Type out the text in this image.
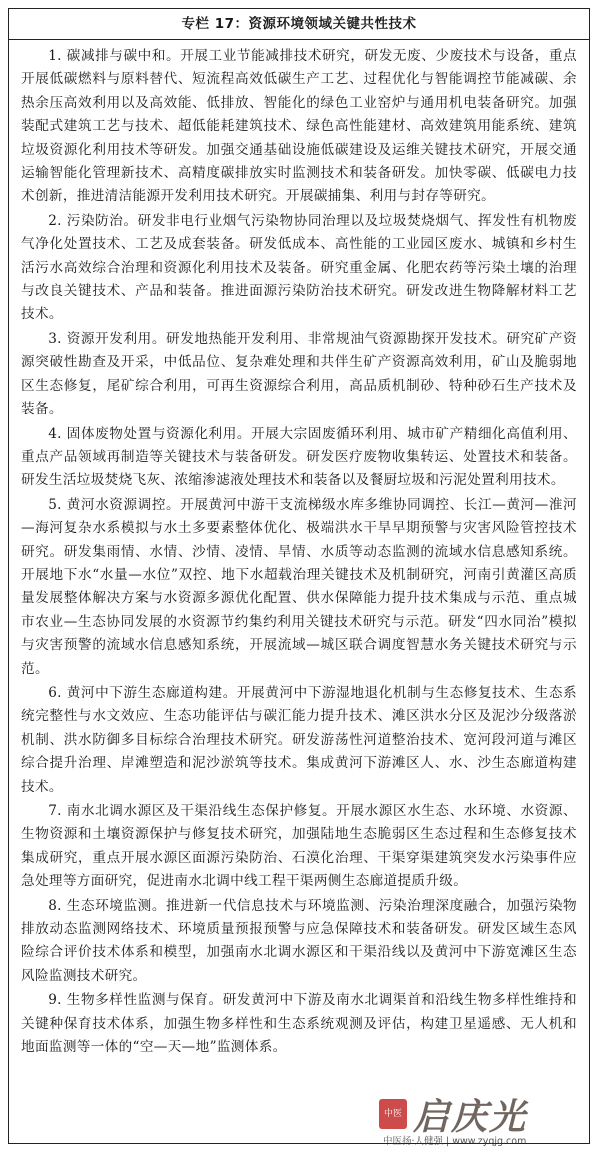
专栏 17：资源环境领域关键共性技术

1. 碳减排与碳中和。开展工业节能减排技术研究，研发无废、少废技术与设备，重点开展低碳燃料与原料替代、短流程高效低碳生产工艺、过程优化与智能调控节能减碳、余热余压高效利用以及高效能、低排放、智能化的绿色工业窑炉与通用机电装备研究。加强装配式建筑工艺与技术、超低能耗建筑技术、绿色高性能建材、高效建筑用能系统、建筑垃圾资源化利用技术等研发。加强交通基础设施低碳建设及运维关键技术研究，开展交通运输智能化管理新技术、高精度碳排放实时监测技术和装备研发。加快零碳、低碳电力技术创新，推进清洁能源开发利用技术研究。开展碳捕集、利用与封存等研究。

2. 污染防治。研发非电行业烟气污染物协同治理以及垃圾焚烧烟气、挥发性有机物废气净化处置技术、工艺及成套装备。研发低成本、高性能的工业园区废水、城镇和乡村生活污水高效综合治理和资源化利用技术及装备。研究重金属、化肥农药等污染土壤的治理与改良关键技术、产品和装备。推进面源污染防治技术研究。研发改进生物降解材料工艺技术。

3. 资源开发利用。研发地热能开发利用、非常规油气资源勘探开发技术。研究矿产资源突破性勘查及开采，中低品位、复杂难处理和共伴生矿产资源高效利用，矿山及脆弱地区生态修复，尾矿综合利用，可再生资源综合利用，高品质机制砂、特种砂石生产技术及装备。

4. 固体废物处置与资源化利用。开展大宗固废循环利用、城市矿产精细化高值利用、重点产品领域再制造等关键技术与装备研发。研发医疗废物收集转运、处置技术和装备。研发生活垃圾焚烧飞灰、浓缩渗滤液处理技术和装备以及餐厨垃圾和污泥处置利用技术。

5. 黄河水资源调控。开展黄河中游干支流梯级水库多维协同调控、长江—黄河—淮河—海河复杂水系模拟与水土多要素整体优化、极端洪水干旱早期预警与灾害风险管控技术研究。研发集雨情、水情、沙情、凌情、旱情、水质等动态监测的流域水信息感知系统。开展地下水“水量—水位”双控、地下水超载治理关键技术及机制研究，河南引黄灌区高质量发展整体解决方案与水资源多源优化配置、供水保障能力提升技术集成与示范、重点城市农业—生态协同发展的水资源节约集约利用关键技术研究与示范。研发“四水同治”模拟与灾害预警的流域水信息感知系统，开展流域—城区联合调度智慧水务关键技术研究与示范。

6. 黄河中下游生态廊道构建。开展黄河中下游湿地退化机制与生态修复技术、生态系统完整性与水文效应、生态功能评估与碳汇能力提升技术、滩区洪水分区及泥沙分级落淤机制、洪水防御多目标综合治理技术研究。研发游荡性河道整治技术、宽河段河道与滩区综合提升治理、岸滩塑造和泥沙淤筑等技术。集成黄河下游滩区人、水、沙生态廊道构建技术。

7. 南水北调水源区及干渠沿线生态保护修复。开展水源区水生态、水环境、水资源、生物资源和土壤资源保护与修复技术研究，加强陆地生态脆弱区生态过程和生态修复技术集成研究，重点开展水源区面源污染防治、石漠化治理、干渠穿渠建筑突发水污染事件应急处理等方面研究，促进南水北调中线工程干渠两侧生态廊道提质升级。

8. 生态环境监测。推进新一代信息技术与环境监测、污染治理深度融合，加强污染物排放动态监测网络技术、环境质量预报预警与应急保障技术和装备研发。研发区域生态风险综合评价技术体系和模型，加强南水北调水源区和干渠沿线以及黄河中下游宽滩区生态风险监测技术研究。

9. 生物多样性监测与保育。研发黄河中下游及南水北调渠首和沿线生物多样性维持和关键种保育技术体系，加强生物多样性和生态系统观测及评估，构建卫星遥感、无人机和地面监测等一体的“空—天—地”监测体系。

中医 启庆光
中医扬·人健强 | www.zyqjg.com
